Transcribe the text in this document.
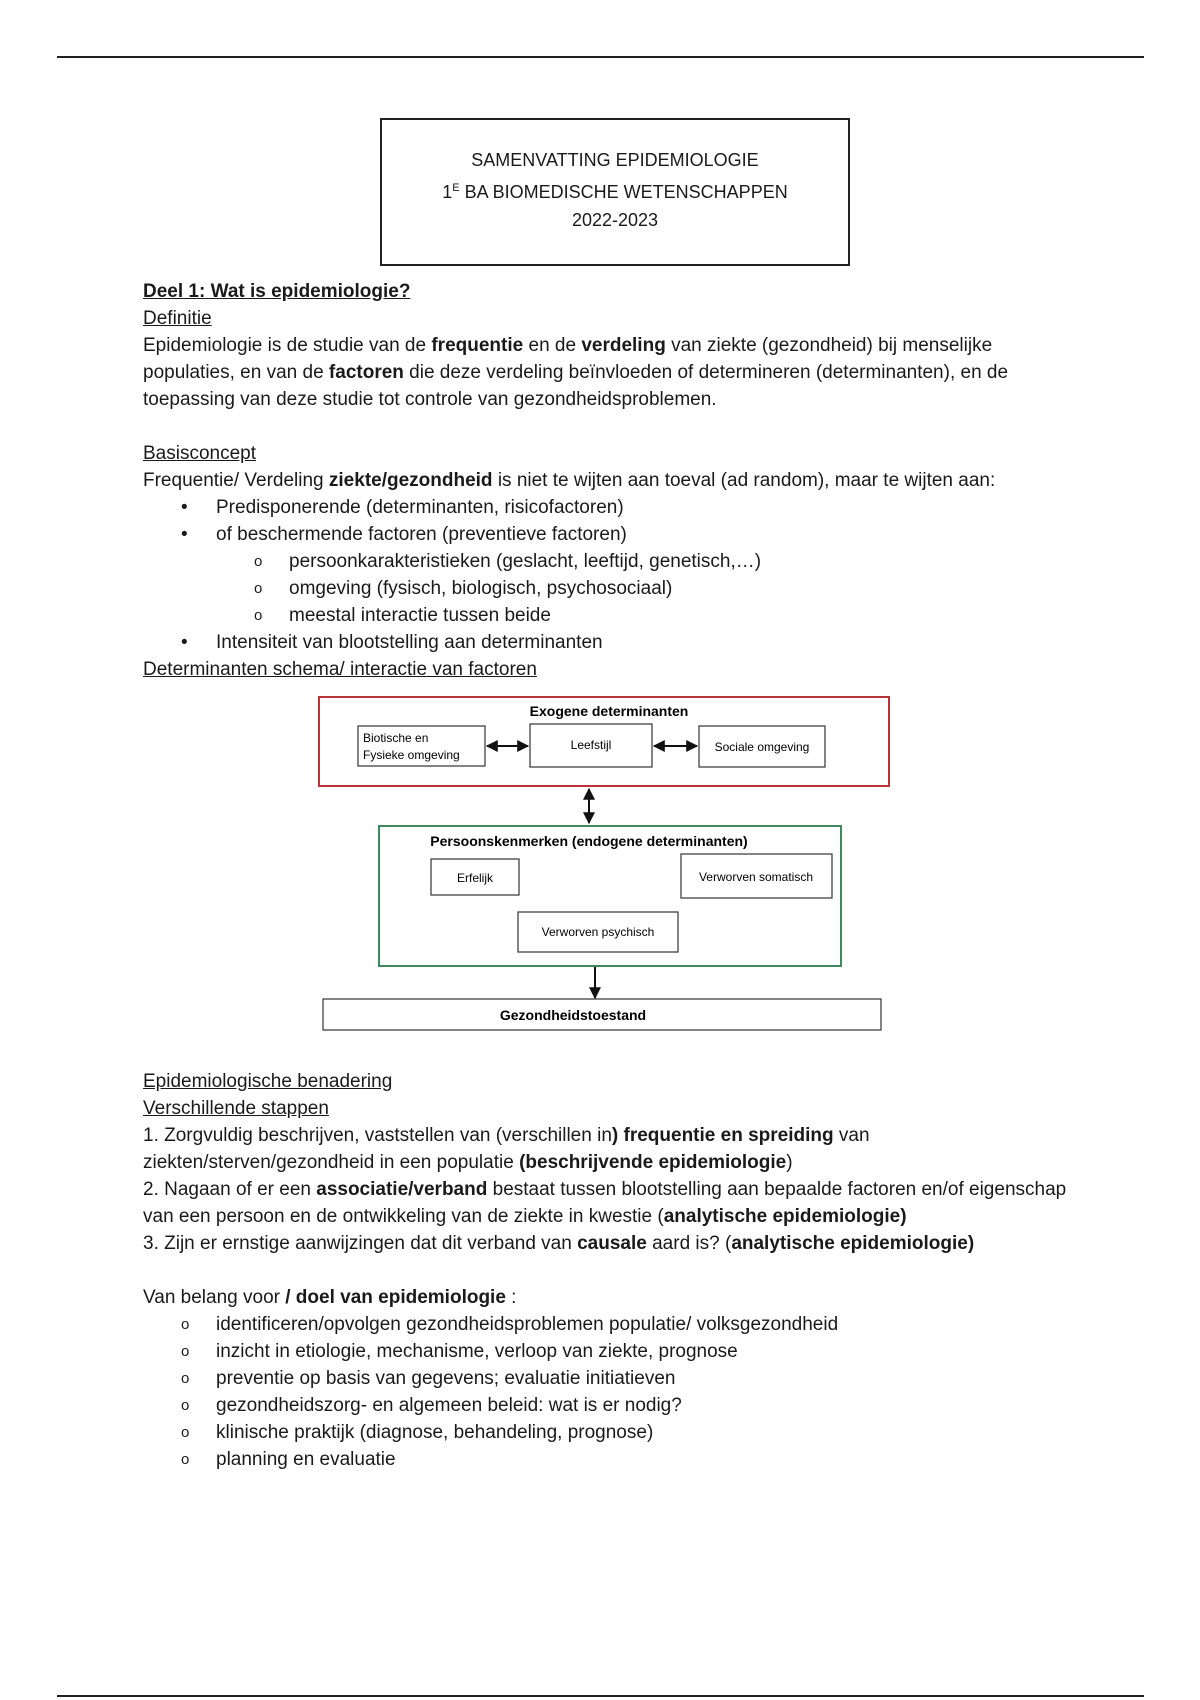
SAMENVATTING EPIDEMIOLOGIE
$1^E$ BA BIOMEDISCHE WETENSCHAPPEN
2022-2023

Deel 1: Wat is epidemiologie?

Definitie

Epidemiologie is de studie van de frequentie en de verdeling van ziekte (gezondheid) bij menselijke populaties, en van de factoren die deze verdeling beïnvloeden of determineren (determinanten), en de toepassing van deze studie tot controle van gezondheidsproblemen.

Basisconcept

Frequentie/ Verdeling ziekte/gezondheid is niet te wijten aan toeval (ad random), maar te wijten aan:

• Predisponerende (determinanten, risicofactoren)
• of beschermende factoren (preventieve factoren)
o persoonkarakteristieken (geslacht, leeftijd, genetisch,…)
o omgeving (fysisch, biologisch, psychosociaal)
o meestal interactie tussen beide
• Intensiteit van blootstelling aan determinanten

Determinanten schema/ interactie van factoren

Exogene determinanten
Biotische en
Fysieke omgeving
Leefstijl	Sociale omgeving
Persoonskenmerken (endogene determinanten)
Erfelijk	Verworven somatisch
Verworven psychisch
Gezondheidstoestand

Epidemiologische benadering

Verschillende stappen

1. Zorgvuldig beschrijven, vaststellen van (verschillen in) frequentie en spreiding van ziekten/sterven/gezondheid in een populatie (beschrijvende epidemiologie)

2. Nagaan of er een associatie/verband bestaat tussen blootstelling aan bepaalde factoren en/of eigenschap van een persoon en de ontwikkeling van de ziekte in kwestie (analytische epidemiologie)

3. Zijn er ernstige aanwijzingen dat dit verband van causale aard is? (analytische epidemiologie)

Van belang voor / doel van epidemiologie :

o identificeren/opvolgen gezondheidsproblemen populatie/ volksgezondheid
o inzicht in etiologie, mechanisme, verloop van ziekte, prognose
o preventie op basis van gegevens; evaluatie initiatieven
o gezondheidszorg- en algemeen beleid: wat is er nodig?
o klinische praktijk (diagnose, behandeling, prognose)
o planning en evaluatie
